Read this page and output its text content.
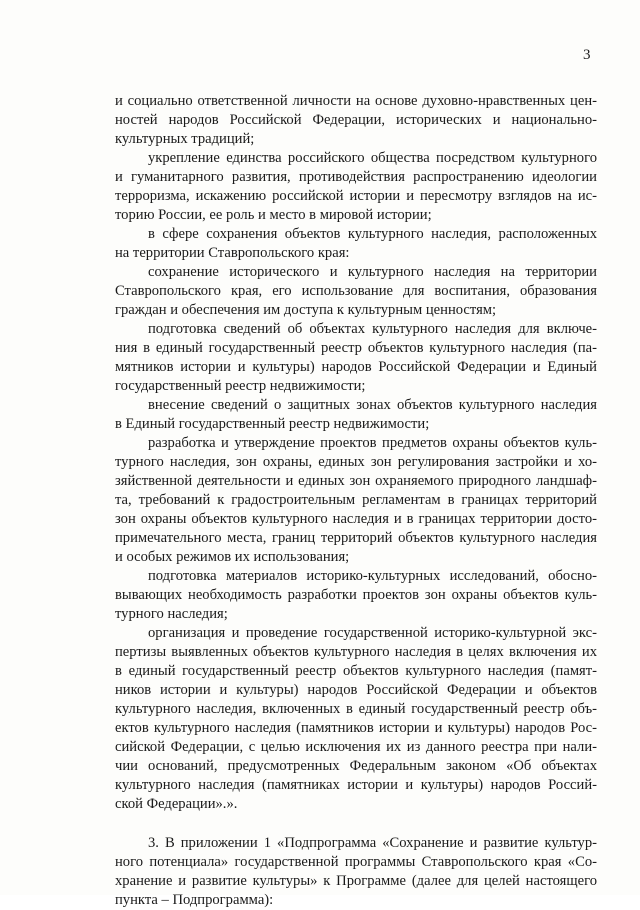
3
и социально ответственной личности на основе духовно-нравственных цен-
ностей народов Российской Федерации, исторических и национально-
культурных традиций;
укрепление единства российского общества посредством культурного
и гуманитарного развития, противодействия распространению идеологии
терроризма, искажению российской истории и пересмотру взглядов на ис-
торию России, ее роль и место в мировой истории;
в сфере сохранения объектов культурного наследия, расположенных
на территории Ставропольского края:
сохранение исторического и культурного наследия на территории
Ставропольского края, его использование для воспитания, образования
граждан и обеспечения им доступа к культурным ценностям;
подготовка сведений об объектах культурного наследия для включе-
ния в единый государственный реестр объектов культурного наследия (па-
мятников истории и культуры) народов Российской Федерации и Единый
государственный реестр недвижимости;
внесение сведений о защитных зонах объектов культурного наследия
в Единый государственный реестр недвижимости;
разработка и утверждение проектов предметов охраны объектов куль-
турного наследия, зон охраны, единых зон регулирования застройки и хо-
зяйственной деятельности и единых зон охраняемого природного ландшаф-
та, требований к градостроительным регламентам в границах территорий
зон охраны объектов культурного наследия и в границах территории досто-
примечательного места, границ территорий объектов культурного наследия
и особых режимов их использования;
подготовка материалов историко-культурных исследований, обосно-
вывающих необходимость разработки проектов зон охраны объектов куль-
турного наследия;
организация и проведение государственной историко-культурной экс-
пертизы выявленных объектов культурного наследия в целях включения их
в единый государственный реестр объектов культурного наследия (памят-
ников истории и культуры) народов Российской Федерации и объектов
культурного наследия, включенных в единый государственный реестр объ-
ектов культурного наследия (памятников истории и культуры) народов Рос-
сийской Федерации, с целью исключения их из данного реестра при нали-
чии оснований, предусмотренных Федеральным законом «Об объектах
культурного наследия (памятниках истории и культуры) народов Россий-
ской Федерации».».
3. В приложении 1 «Подпрограмма «Сохранение и развитие культур-
ного потенциала» государственной программы Ставропольского края «Со-
хранение и развитие культуры» к Программе (далее для целей настоящего
пункта – Подпрограмма):
